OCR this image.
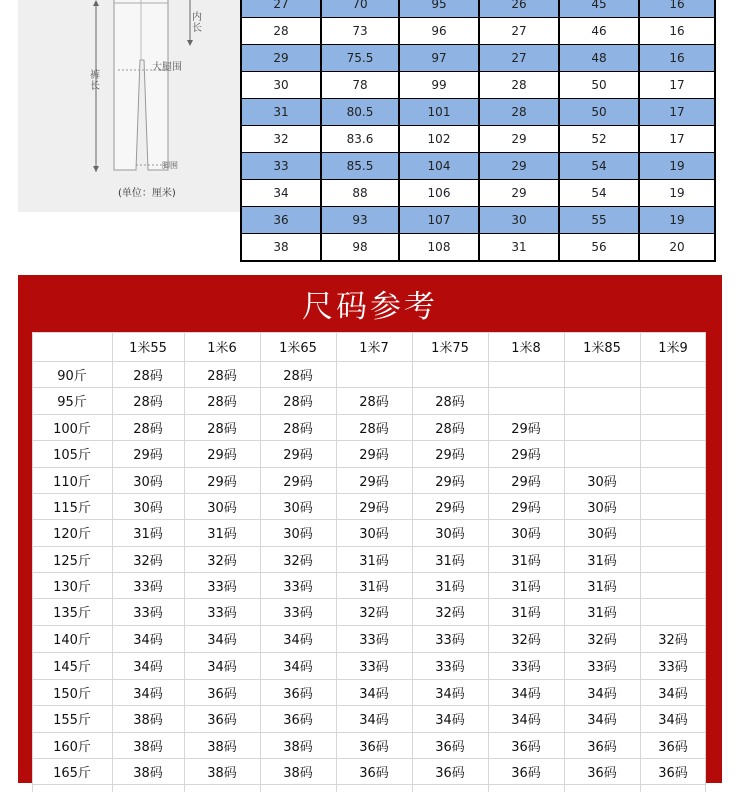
内长
大腿围
裤长
脚围
(单位：厘米)
27	70	95	26	45	16
28	73	96	27	46	16
29	75.5	97	27	48	16
30	78	99	28	50	17
31	80.5	101	28	50	17
32	83.6	102	29	52	17
33	85.5	104	29	54	19
34	88	106	29	54	19
36	93	107	30	55	19
38	98	108	31	56	20
尺码参考
1米55	1米6	1米65	1米7	1米75	1米8	1米85	1米9
90斤	28码	28码	28码
95斤	28码	28码	28码	28码	28码
100斤	28码	28码	28码	28码	28码	29码
105斤	29码	29码	29码	29码	29码	29码
110斤	30码	29码	29码	29码	29码	29码	30码
115斤	30码	30码	30码	29码	29码	29码	30码
120斤	31码	31码	30码	30码	30码	30码	30码
125斤	32码	32码	32码	31码	31码	31码	31码
130斤	33码	33码	33码	31码	31码	31码	31码
135斤	33码	33码	33码	32码	32码	31码	31码
140斤	34码	34码	34码	33码	33码	32码	32码	32码
145斤	34码	34码	34码	33码	33码	33码	33码	33码
150斤	34码	36码	36码	34码	34码	34码	34码	34码
155斤	38码	36码	36码	34码	34码	34码	34码	34码
160斤	38码	38码	38码	36码	36码	36码	36码	36码
165斤	38码	38码	38码	36码	36码	36码	36码	36码
